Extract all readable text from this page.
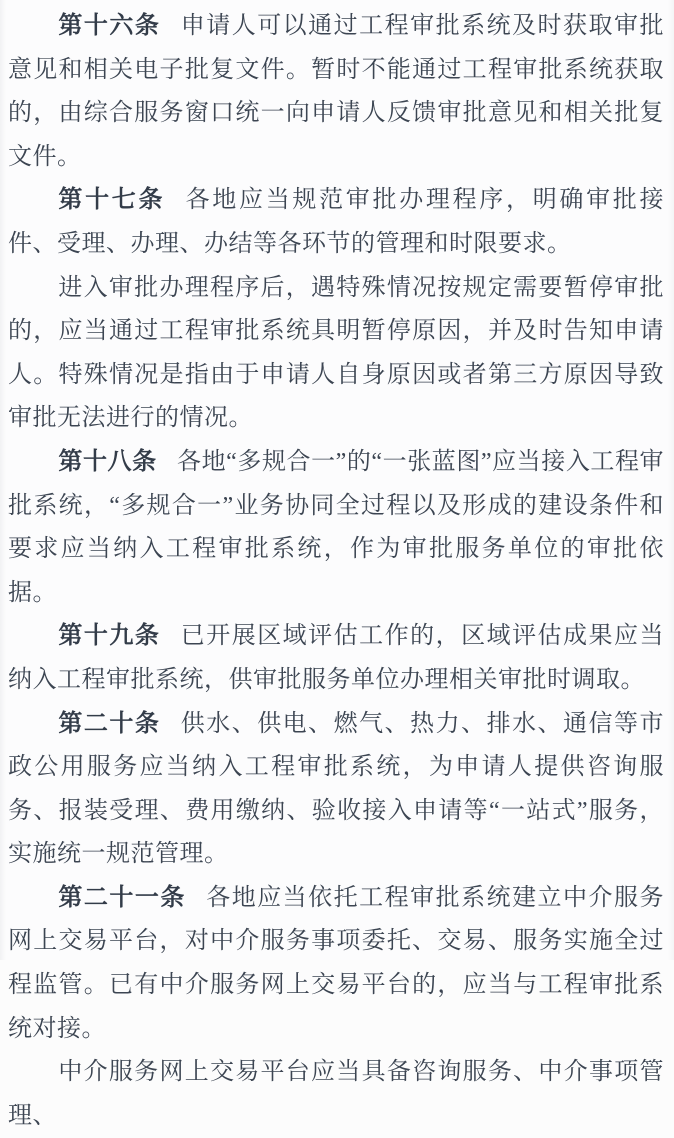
第十六条 申请人可以通过工程审批系统及时获取审批意见和相关电子批复文件。暂时不能通过工程审批系统获取的，由综合服务窗口统一向申请人反馈审批意见和相关批复文件。

第十七条 各地应当规范审批办理程序，明确审批接件、受理、办理、办结等各环节的管理和时限要求。

进入审批办理程序后，遇特殊情况按规定需要暂停审批的，应当通过工程审批系统具明暂停原因，并及时告知申请人。特殊情况是指由于申请人自身原因或者第三方原因导致审批无法进行的情况。

第十八条 各地“多规合一”的“一张蓝图”应当接入工程审批系统，“多规合一”业务协同全过程以及形成的建设条件和要求应当纳入工程审批系统，作为审批服务单位的审批依据。

第十九条 已开展区域评估工作的，区域评估成果应当纳入工程审批系统，供审批服务单位办理相关审批时调取。

第二十条 供水、供电、燃气、热力、排水、通信等市政公用服务应当纳入工程审批系统，为申请人提供咨询服务、报装受理、费用缴纳、验收接入申请等“一站式”服务，实施统一规范管理。

第二十一条 各地应当依托工程审批系统建立中介服务网上交易平台，对中介服务事项委托、交易、服务实施全过程监管。已有中介服务网上交易平台的，应当与工程审批系统对接。

中介服务网上交易平台应当具备咨询服务、中介事项管理、
